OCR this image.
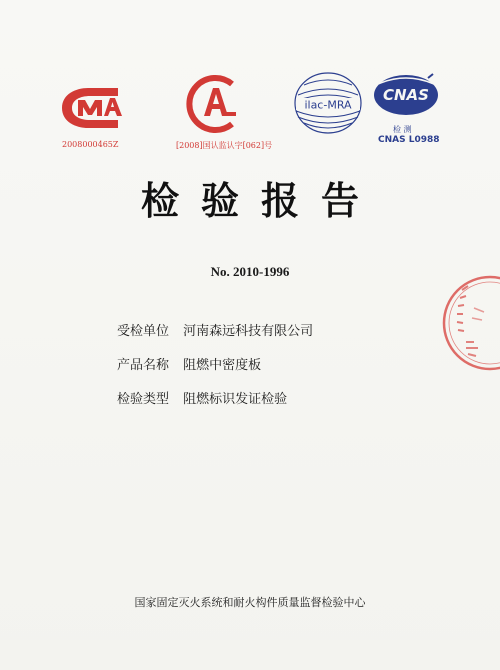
2008000465Z	[2008]国认监认字[062]号
ilac-MRA
CNAS
检 测
CNAS L0988
检验报告
No. 2010-1996
受检单位 河南森远科技有限公司
产品名称 阻燃中密度板
检验类型 阻燃标识发证检验
国家固定灭火系统和耐火构件质量监督检验中心
